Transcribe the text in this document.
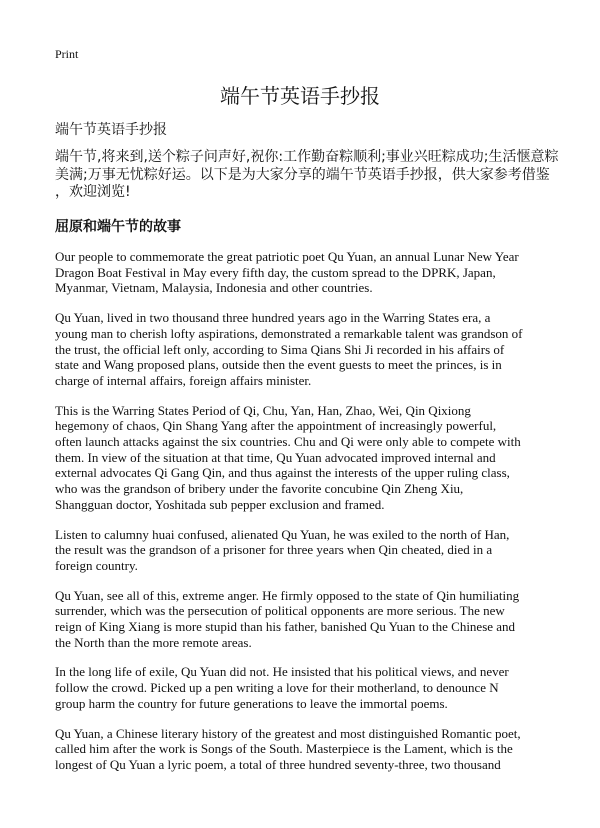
Print
端午节英语手抄报
端午节英语手抄报
端午节,将来到,送个粽子问声好,祝你:工作勤奋粽顺利;事业兴旺粽成功;生活惬意粽
美满;万事无忧粽好运。以下是为大家分享的端午节英语手抄报，供大家参考借鉴
，欢迎浏览!
屈原和端午节的故事
Our people to commemorate the great patriotic poet Qu Yuan, an annual Lunar New Year
Dragon Boat Festival in May every fifth day, the custom spread to the DPRK, Japan,
Myanmar, Vietnam, Malaysia, Indonesia and other countries.
Qu Yuan, lived in two thousand three hundred years ago in the Warring States era, a
young man to cherish lofty aspirations, demonstrated a remarkable talent was grandson of
the trust, the official left only, according to Sima Qians Shi Ji recorded in his affairs of
state and Wang proposed plans, outside then the event guests to meet the princes, is in
charge of internal affairs, foreign affairs minister.
This is the Warring States Period of Qi, Chu, Yan, Han, Zhao, Wei, Qin Qixiong
hegemony of chaos, Qin Shang Yang after the appointment of increasingly powerful,
often launch attacks against the six countries. Chu and Qi were only able to compete with
them. In view of the situation at that time, Qu Yuan advocated improved internal and
external advocates Qi Gang Qin, and thus against the interests of the upper ruling class,
who was the grandson of bribery under the favorite concubine Qin Zheng Xiu,
Shangguan doctor, Yoshitada sub pepper exclusion and framed.
Listen to calumny huai confused, alienated Qu Yuan, he was exiled to the north of Han,
the result was the grandson of a prisoner for three years when Qin cheated, died in a
foreign country.
Qu Yuan, see all of this, extreme anger. He firmly opposed to the state of Qin humiliating
surrender, which was the persecution of political opponents are more serious. The new
reign of King Xiang is more stupid than his father, banished Qu Yuan to the Chinese and
the North than the more remote areas.
In the long life of exile, Qu Yuan did not. He insisted that his political views, and never
follow the crowd. Picked up a pen writing a love for their motherland, to denounce N
group harm the country for future generations to leave the immortal poems.
Qu Yuan, a Chinese literary history of the greatest and most distinguished Romantic poet,
called him after the work is Songs of the South. Masterpiece is the Lament, which is the
longest of Qu Yuan a lyric poem, a total of three hundred seventy-three, two thousand
